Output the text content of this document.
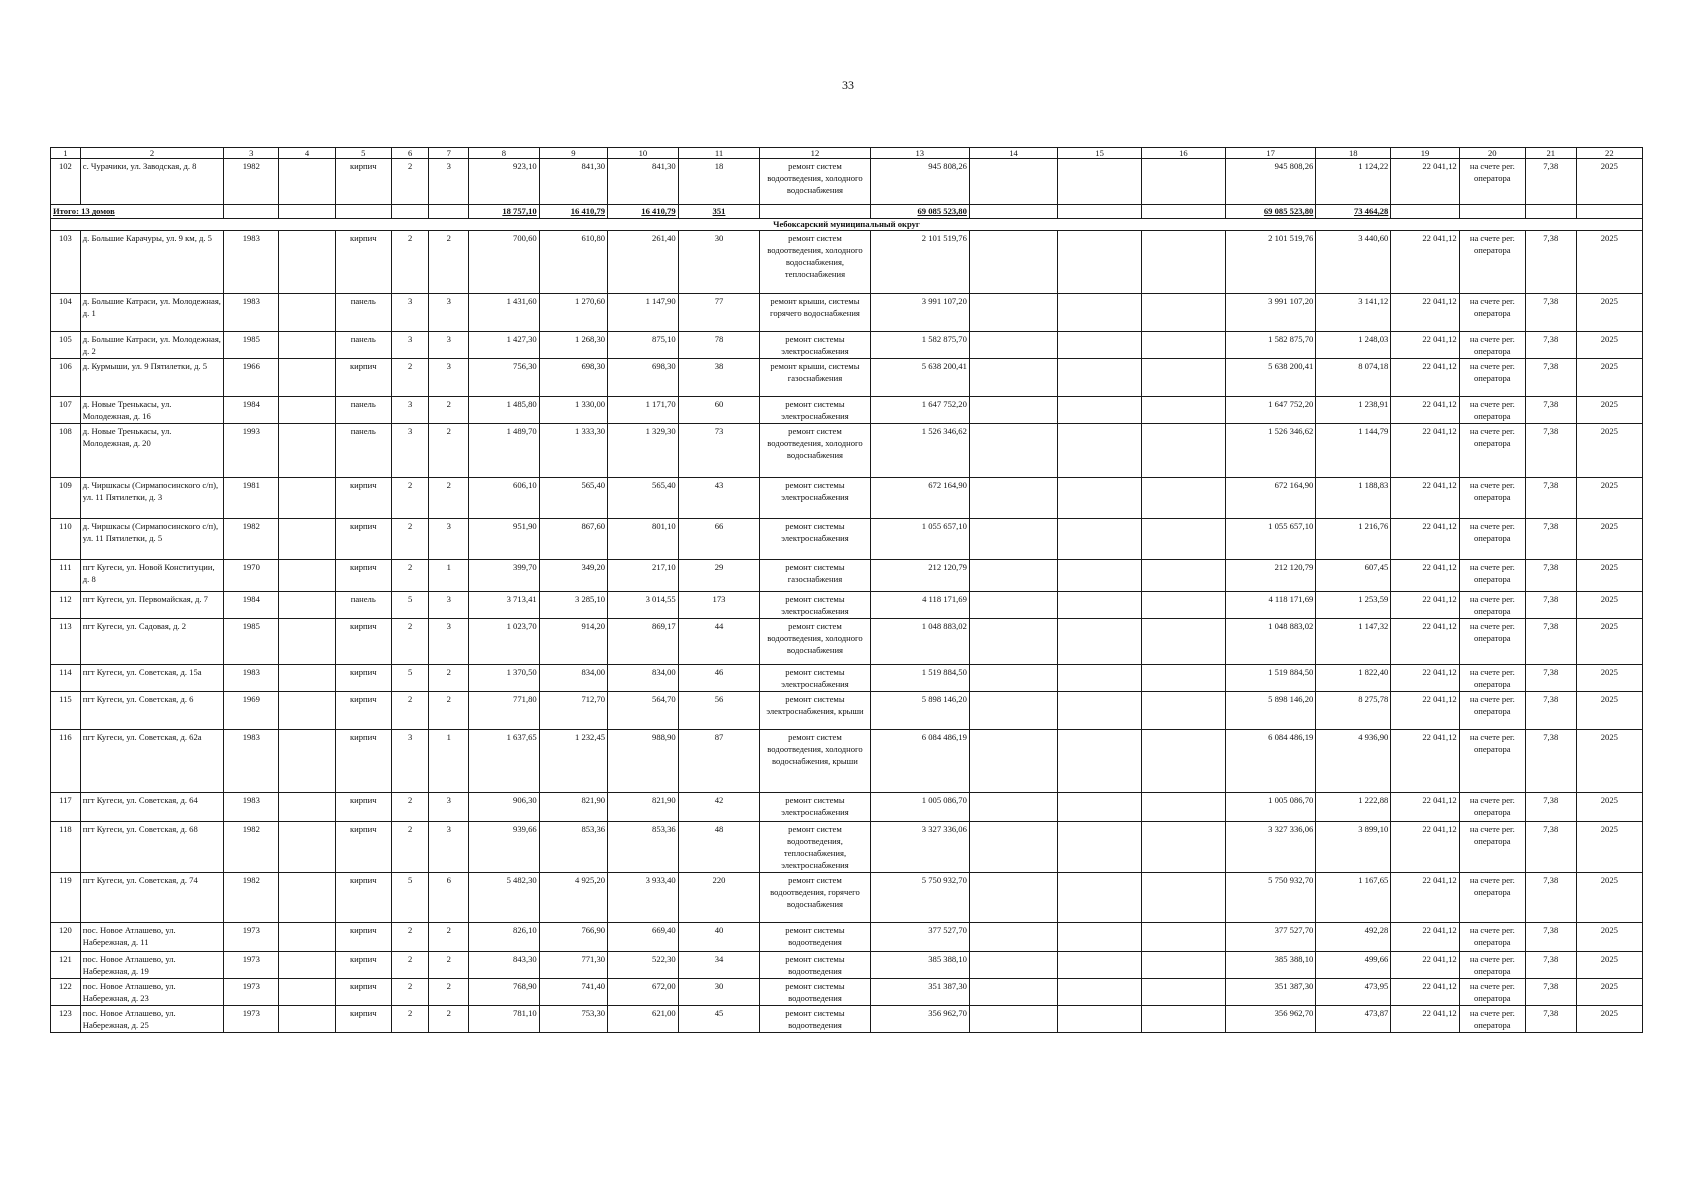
33
1	2	3	4	5	6	7	8	9	10	11	12	13	14	15	16	17	18	19	20	21	22
102	с. Чурачики, ул. Заводская, д. 8	1982		кирпич	2	3	923,10	841,30	841,30	18	ремонт систем водоотведения, холодного водоснабжения	945 808,26				945 808,26	1 124,22	22 041,12	на счете рег. оператора	7,38	2025
Итого: 13 домов							18 757,10	16 410,79	16 410,79	351		69 085 523,80				69 085 523,80	73 464,28				
Чебоксарский муниципальный округ																					
103	д. Большие Карачуры, ул. 9 км, д. 5	1983		кирпич	2	2	700,60	610,80	261,40	30	ремонт систем водоотведения, холодного водоснабжения, теплоснабжения	2 101 519,76				2 101 519,76	3 440,60	22 041,12	на счете рег. оператора	7,38	2025
104	д. Большие Катраси, ул. Молодежная, д. 1	1983		панель	3	3	1 431,60	1 270,60	1 147,90	77	ремонт крыши, системы горячего водоснабжения	3 991 107,20				3 991 107,20	3 141,12	22 041,12	на счете рег. оператора	7,38	2025
105	д. Большие Катраси, ул. Молодежная, д. 2	1985		панель	3	3	1 427,30	1 268,30	875,10	78	ремонт системы электроснабжения	1 582 875,70				1 582 875,70	1 248,03	22 041,12	на счете рег. оператора	7,38	2025
106	д. Курмыши, ул. 9 Пятилетки, д. 5	1966		кирпич	2	3	756,30	698,30	698,30	38	ремонт крыши, системы газоснабжения	5 638 200,41				5 638 200,41	8 074,18	22 041,12	на счете рег. оператора	7,38	2025
107	д. Новые Тренькасы, ул. Молодежная, д. 16	1984		панель	3	2	1 485,80	1 330,00	1 171,70	60	ремонт системы электроснабжения	1 647 752,20				1 647 752,20	1 238,91	22 041,12	на счете рег. оператора	7,38	2025
108	д. Новые Тренькасы, ул. Молодежная, д. 20	1993		панель	3	2	1 489,70	1 333,30	1 329,30	73	ремонт систем водоотведения, холодного водоснабжения	1 526 346,62				1 526 346,62	1 144,79	22 041,12	на счете рег. оператора	7,38	2025
109	д. Чиршкасы (Сирмапосинского с/п), ул. 11 Пятилетки, д. 3	1981		кирпич	2	2	606,10	565,40	565,40	43	ремонт системы электроснабжения	672 164,90				672 164,90	1 188,83	22 041,12	на счете рег. оператора	7,38	2025
110	д. Чиршкасы (Сирмапосинского с/п), ул. 11 Пятилетки, д. 5	1982		кирпич	2	3	951,90	867,60	801,10	66	ремонт системы электроснабжения	1 055 657,10				1 055 657,10	1 216,76	22 041,12	на счете рег. оператора	7,38	2025
111	пгт Кугеси, ул. Новой Конституции, д. 8	1970		кирпич	2	1	399,70	349,20	217,10	29	ремонт системы газоснабжения	212 120,79				212 120,79	607,45	22 041,12	на счете рег. оператора	7,38	2025
112	пгт Кугеси, ул. Первомайская, д. 7	1984		панель	5	3	3 713,41	3 285,10	3 014,55	173	ремонт системы электроснабжения	4 118 171,69				4 118 171,69	1 253,59	22 041,12	на счете рег. оператора	7,38	2025
113	пгт Кугеси, ул. Садовая, д. 2	1985		кирпич	2	3	1 023,70	914,20	869,17	44	ремонт систем водоотведения, холодного водоснабжения	1 048 883,02				1 048 883,02	1 147,32	22 041,12	на счете рег. оператора	7,38	2025
114	пгт Кугеси, ул. Советская, д. 15а	1983		кирпич	5	2	1 370,50	834,00	834,00	46	ремонт системы электроснабжения	1 519 884,50				1 519 884,50	1 822,40	22 041,12	на счете рег. оператора	7,38	2025
115	пгт Кугеси, ул. Советская, д. 6	1969		кирпич	2	2	771,80	712,70	564,70	56	ремонт системы электроснабжения, крыши	5 898 146,20				5 898 146,20	8 275,78	22 041,12	на счете рег. оператора	7,38	2025
116	пгт Кугеси, ул. Советская, д. 62а	1983		кирпич	3	1	1 637,65	1 232,45	988,90	87	ремонт систем водоотведения, холодного водоснабжения, крыши	6 084 486,19				6 084 486,19	4 936,90	22 041,12	на счете рег. оператора	7,38	2025
117	пгт Кугеси, ул. Советская, д. 64	1983		кирпич	2	3	906,30	821,90	821,90	42	ремонт системы электроснабжения	1 005 086,70				1 005 086,70	1 222,88	22 041,12	на счете рег. оператора	7,38	2025
118	пгт Кугеси, ул. Советская, д. 68	1982		кирпич	2	3	939,66	853,36	853,36	48	ремонт систем водоотведения, теплоснабжения, электроснабжения	3 327 336,06				3 327 336,06	3 899,10	22 041,12	на счете рег. оператора	7,38	2025
119	пгт Кугеси, ул. Советская, д. 74	1982		кирпич	5	6	5 482,30	4 925,20	3 933,40	220	ремонт систем водоотведения, горячего водоснабжения	5 750 932,70				5 750 932,70	1 167,65	22 041,12	на счете рег. оператора	7,38	2025
120	пос. Новое Атлашево, ул. Набережная, д. 11	1973		кирпич	2	2	826,10	766,90	669,40	40	ремонт системы водоотведения	377 527,70				377 527,70	492,28	22 041,12	на счете рег. оператора	7,38	2025
121	пос. Новое Атлашево, ул. Набережная, д. 19	1973		кирпич	2	2	843,30	771,30	522,30	34	ремонт системы водоотведения	385 388,10				385 388,10	499,66	22 041,12	на счете рег. оператора	7,38	2025
122	пос. Новое Атлашево, ул. Набережная, д. 23	1973		кирпич	2	2	768,90	741,40	672,00	30	ремонт системы водоотведения	351 387,30				351 387,30	473,95	22 041,12	на счете рег. оператора	7,38	2025
123	пос. Новое Атлашево, ул. Набережная, д. 25	1973		кирпич	2	2	781,10	753,30	621,00	45	ремонт системы водоотведения	356 962,70				356 962,70	473,87	22 041,12	на счете рег. оператора	7,38	2025
